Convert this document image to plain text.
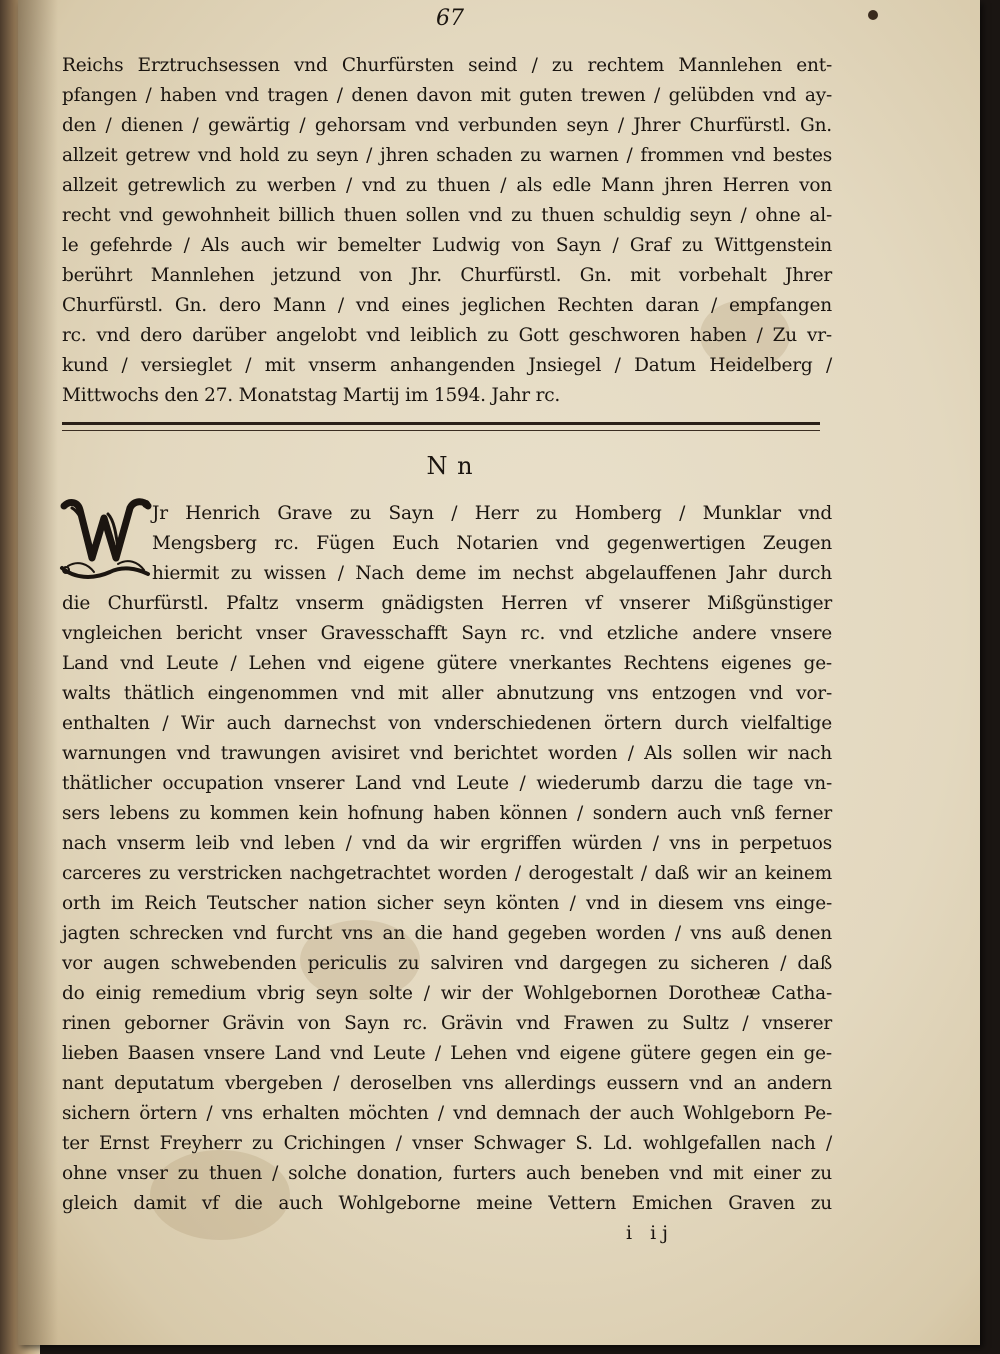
67
Reichs Erztruchsessen vnd Churfürsten seind / zu rechtem Mannlehen ent-
pfangen / haben vnd tragen / denen davon mit guten trewen / gelübden vnd ay-
den / dienen / gewärtig / gehorsam vnd verbunden seyn / Jhrer Churfürstl. Gn.
allzeit getrew vnd hold zu seyn / jhren schaden zu warnen / frommen vnd bestes
allzeit getrewlich zu werben / vnd zu thuen / als edle Mann jhren Herren von
recht vnd gewohnheit billich thuen sollen vnd zu thuen schuldig seyn / ohne al-
le gefehrde / Als auch wir bemelter Ludwig von Sayn / Graf zu Wittgenstein
berührt Mannlehen jetzund von Jhr. Churfürstl. Gn. mit vorbehalt Jhrer
Churfürstl. Gn. dero Mann / vnd eines jeglichen Rechten daran / empfangen
rc. vnd dero darüber angelobt vnd leiblich zu Gott geschworen haben / Zu vr-
kund / versieglet / mit vnserm anhangenden Jnsiegel / Datum Heidelberg /
Mittwochs den 27. Monatstag Martij im 1594. Jahr rc.
N n
Jr Henrich Grave zu Sayn / Herr zu Homberg / Munklar vnd
Mengsberg rc. Fügen Euch Notarien vnd gegenwertigen Zeugen
hiermit zu wissen / Nach deme im nechst abgelauffenen Jahr durch
die Churfürstl. Pfaltz vnserm gnädigsten Herren vf vnserer Mißgünstiger
vngleichen bericht vnser Gravesschafft Sayn rc. vnd etzliche andere vnsere
Land vnd Leute / Lehen vnd eigene gütere vnerkantes Rechtens eigenes ge-
walts thätlich eingenommen vnd mit aller abnutzung vns entzogen vnd vor-
enthalten / Wir auch darnechst von vnderschiedenen örtern durch vielfaltige
warnungen vnd trawungen avisiret vnd berichtet worden / Als sollen wir nach
thätlicher occupation vnserer Land vnd Leute / wiederumb darzu die tage vn-
sers lebens zu kommen kein hofnung haben können / sondern auch vnß ferner
nach vnserm leib vnd leben / vnd da wir ergriffen würden / vns in perpetuos
carceres zu verstricken nachgetrachtet worden / derogestalt / daß wir an keinem
orth im Reich Teutscher nation sicher seyn könten / vnd in diesem vns einge-
jagten schrecken vnd furcht vns an die hand gegeben worden / vns auß denen
vor augen schwebenden periculis zu salviren vnd dargegen zu sicheren / daß
do einig remedium vbrig seyn solte / wir der Wohlgebornen Dorotheæ Catha-
rinen geborner Grävin von Sayn rc. Grävin vnd Frawen zu Sultz / vnserer
lieben Baasen vnsere Land vnd Leute / Lehen vnd eigene gütere gegen ein ge-
nant deputatum vbergeben / deroselben vns allerdings eussern vnd an andern
sichern örtern / vns erhalten möchten / vnd demnach der auch Wohlgeborn Pe-
ter Ernst Freyherr zu Crichingen / vnser Schwager S. Ld. wohlgefallen nach /
ohne vnser zu thuen / solche donation, furters auch beneben vnd mit einer zu
gleich damit vf die auch Wohlgeborne meine Vettern Emichen Graven zu
i ij
